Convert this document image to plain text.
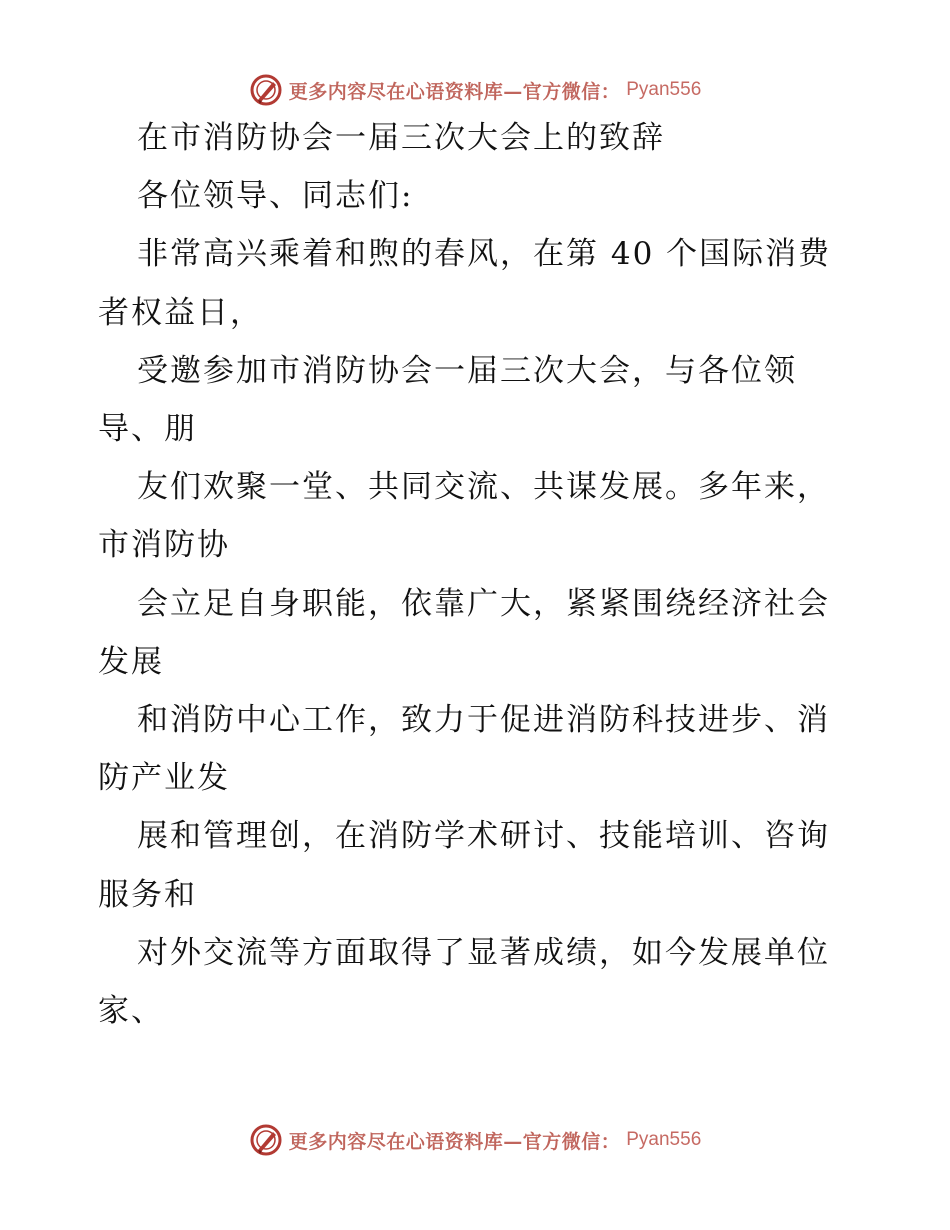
更多内容尽在心语资料库—官方微信： Pyan556
在市消防协会一届三次大会上的致辞
各位领导、同志们:
非常高兴乘着和煦的春风，在第 40 个国际消费
者权益日，
受邀参加市消防协会一届三次大会，与各位领
导、朋
友们欢聚一堂、共同交流、共谋发展。多年来，
市消防协
会立足自身职能，依靠广大，紧紧围绕经济社会
发展
和消防中心工作，致力于促进消防科技进步、消
防产业发
展和管理创，在消防学术研讨、技能培训、咨询
服务和
对外交流等方面取得了显著成绩，如今发展单位
家、
更多内容尽在心语资料库—官方微信： Pyan556
